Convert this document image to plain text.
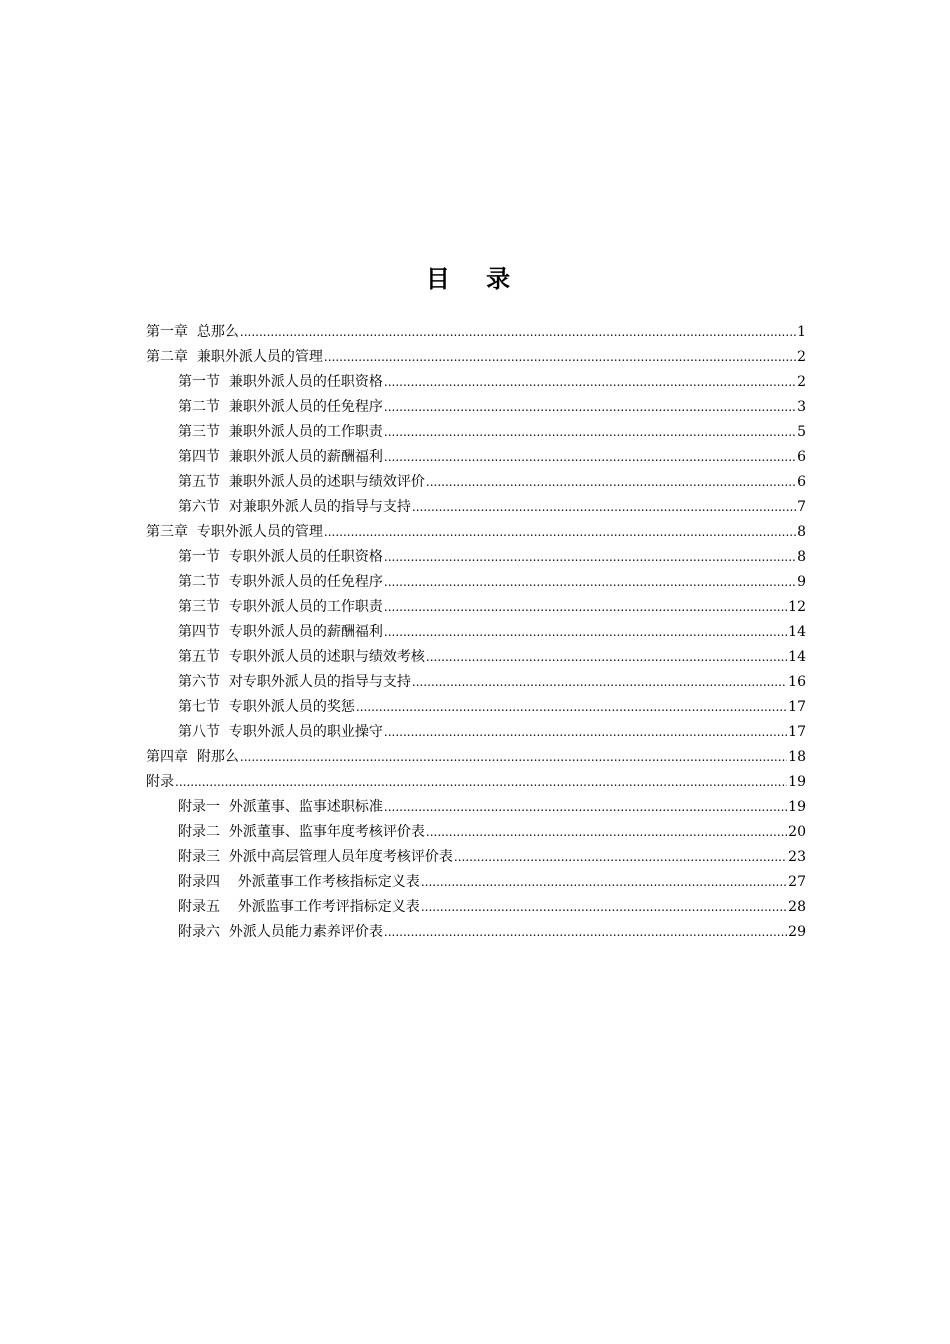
目 录
第一章  总那么 .....	1
第二章  兼职外派人员的管理 .....	2
第一节  兼职外派人员的任职资格 .....	2
第二节  兼职外派人员的任免程序 .....	3
第三节  兼职外派人员的工作职责 .....	5
第四节  兼职外派人员的薪酬福利 .....	6
第五节  兼职外派人员的述职与绩效评价 .....	6
第六节  对兼职外派人员的指导与支持 .....	7
第三章  专职外派人员的管理 .....	8
第一节  专职外派人员的任职资格 .....	8
第二节  专职外派人员的任免程序 .....	9
第三节  专职外派人员的工作职责 .....	12
第四节  专职外派人员的薪酬福利 .....	14
第五节  专职外派人员的述职与绩效考核 .....	14
第六节  对专职外派人员的指导与支持 .....	16
第七节  专职外派人员的奖惩 .....	17
第八节  专职外派人员的职业操守 .....	17
第四章  附那么 .....	18
附录 .....	19
附录一  外派董事、监事述职标准 .....	19
附录二  外派董事、监事年度考核评价表 .....	20
附录三  外派中高层管理人员年度考核评价表 .....	23
附录四    外派董事工作考核指标定义表 .....	27
附录五    外派监事工作考评指标定义表 .....	28
附录六  外派人员能力素养评价表 .....	29
